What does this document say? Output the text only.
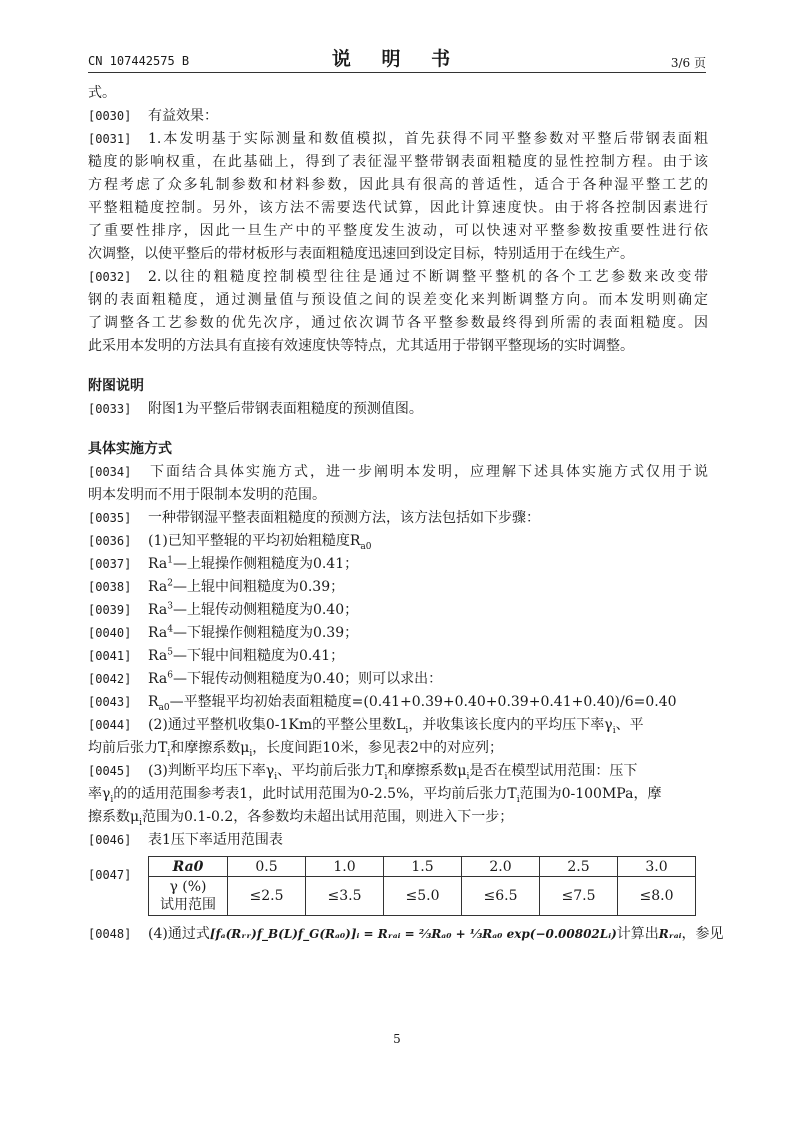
CN 107442575 B	说 明 书	3/6 页
式。
[0030] 有益效果：
[0031] 1.本发明基于实际测量和数值模拟，首先获得不同平整参数对平整后带钢表面粗
糙度的影响权重，在此基础上，得到了表征湿平整带钢表面粗糙度的显性控制方程。由于该
方程考虑了众多轧制参数和材料参数，因此具有很高的普适性，适合于各种湿平整工艺的
平整粗糙度控制。另外，该方法不需要迭代试算，因此计算速度快。由于将各控制因素进行
了重要性排序，因此一旦生产中的平整度发生波动，可以快速对平整参数按重要性进行依
次调整，以使平整后的带材板形与表面粗糙度迅速回到设定目标，特别适用于在线生产。
[0032] 2.以往的粗糙度控制模型往往是通过不断调整平整机的各个工艺参数来改变带
钢的表面粗糙度，通过测量值与预设值之间的误差变化来判断调整方向。而本发明则确定
了调整各工艺参数的优先次序，通过依次调节各平整参数最终得到所需的表面粗糙度。因
此采用本发明的方法具有直接有效速度快等特点，尤其适用于带钢平整现场的实时调整。
附图说明
[0033] 附图1为平整后带钢表面粗糙度的预测值图。
具体实施方式
[0034] 下面结合具体实施方式，进一步阐明本发明，应理解下述具体实施方式仅用于说
明本发明而不用于限制本发明的范围。
[0035] 一种带钢湿平整表面粗糙度的预测方法，该方法包括如下步骤：
[0036] (1)已知平整辊的平均初始粗糙度$R_{a0}$
[0037] Ra$^1$—上辊操作侧粗糙度为0.41；
[0038] Ra$^2$—上辊中间粗糙度为0.39；
[0039] Ra$^3$—上辊传动侧粗糙度为0.40；
[0040] Ra$^4$—下辊操作侧粗糙度为0.39；
[0041] Ra$^5$—下辊中间粗糙度为0.41；
[0042] Ra$^6$—下辊传动侧粗糙度为0.40；则可以求出：
[0043] $R_{a0}—$平整辊平均初始表面粗糙度=(0.41+0.39+0.40+0.39+0.41+0.40)/6=0.40
[0044] (2)通过平整机收集0-1Km的平整公里数$L_i$，并收集该长度内的平均压下率$\gamma_i$、平
均前后张力$T_i$和摩擦系数$\mu_i$，长度间距10米，参见表2中的对应列；
[0045] (3)判断平均压下率$\gamma_i$、平均前后张力$T_i$和摩擦系数$\mu_i$是否在模型试用范围：压下
率$\gamma_i$的的适用范围参考表1，此时试用范围为0-2.5%，平均前后张力$T_i$范围为0-100MPa，摩
擦系数$\mu_i$范围为0.1-0.2，各参数均未超出试用范围，则进入下一步；
[0046] 表1压下率适用范围表
[0047]
Ra0	0.5	1.0	1.5	2.0	2.5	3.0

γ (%)
试用范围	≤2.5	≤3.5	≤5.0	≤6.5	≤7.5	≤8.0
[0048] (4)通过式[fₐ(Rᵣᵣ)f_B(L)f_G(Rₐ₀)]ᵢ = Rᵣₐᵢ = ⅔Rₐ₀ + ⅓Rₐ₀ exp(−0.00802Lᵢ)计算出Rᵣₐᵢ，参见
5
